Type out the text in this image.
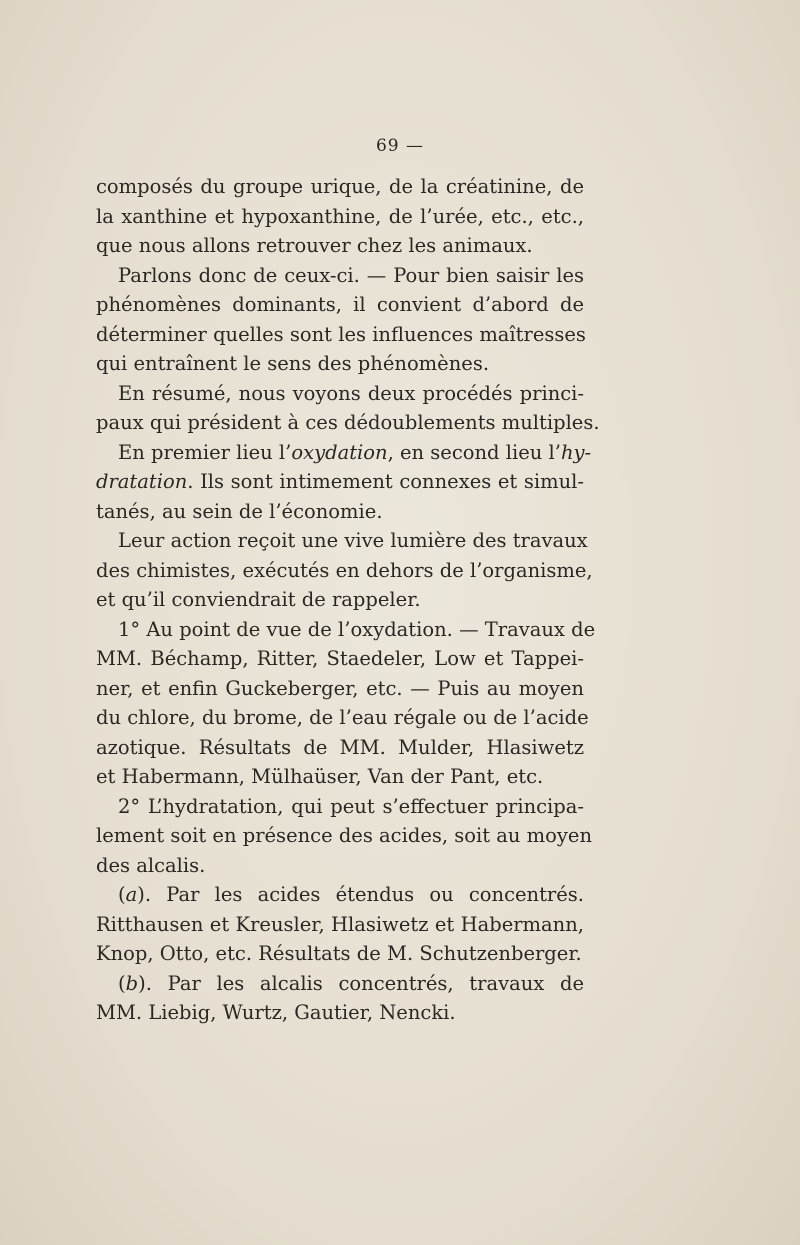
69 —
composés du groupe urique, de la créatinine, de
la xanthine et hypoxanthine, de l’urée, etc., etc.,
que nous allons retrouver chez les animaux.
Parlons donc de ceux-ci. — Pour bien saisir les
phénomènes dominants, il convient d’abord de
déterminer quelles sont les influences maîtresses
qui entraînent le sens des phénomènes.
En résumé, nous voyons deux procédés princi-
paux qui président à ces dédoublements multiples.
En premier lieu l’oxydation, en second lieu l’hy-
dratation. Ils sont intimement connexes et simul-
tanés, au sein de l’économie.
Leur action reçoit une vive lumière des travaux
des chimistes, exécutés en dehors de l’organisme,
et qu’il conviendrait de rappeler.
1° Au point de vue de l’oxydation. — Travaux de
MM. Béchamp, Ritter, Staedeler, Low et Tappei-
ner, et enfin Guckeberger, etc. — Puis au moyen
du chlore, du brome, de l’eau régale ou de l’acide
azotique. Résultats de MM. Mulder, Hlasiwetz
et Habermann, Mülhaüser, Van der Pant, etc.
2° L’hydratation, qui peut s’effectuer principa-
lement soit en présence des acides, soit au moyen
des alcalis.
(a). Par les acides étendus ou concentrés.
Ritthausen et Kreusler, Hlasiwetz et Habermann,
Knop, Otto, etc. Résultats de M. Schutzenberger.
(b). Par les alcalis concentrés, travaux de
MM. Liebig, Wurtz, Gautier, Nencki.
